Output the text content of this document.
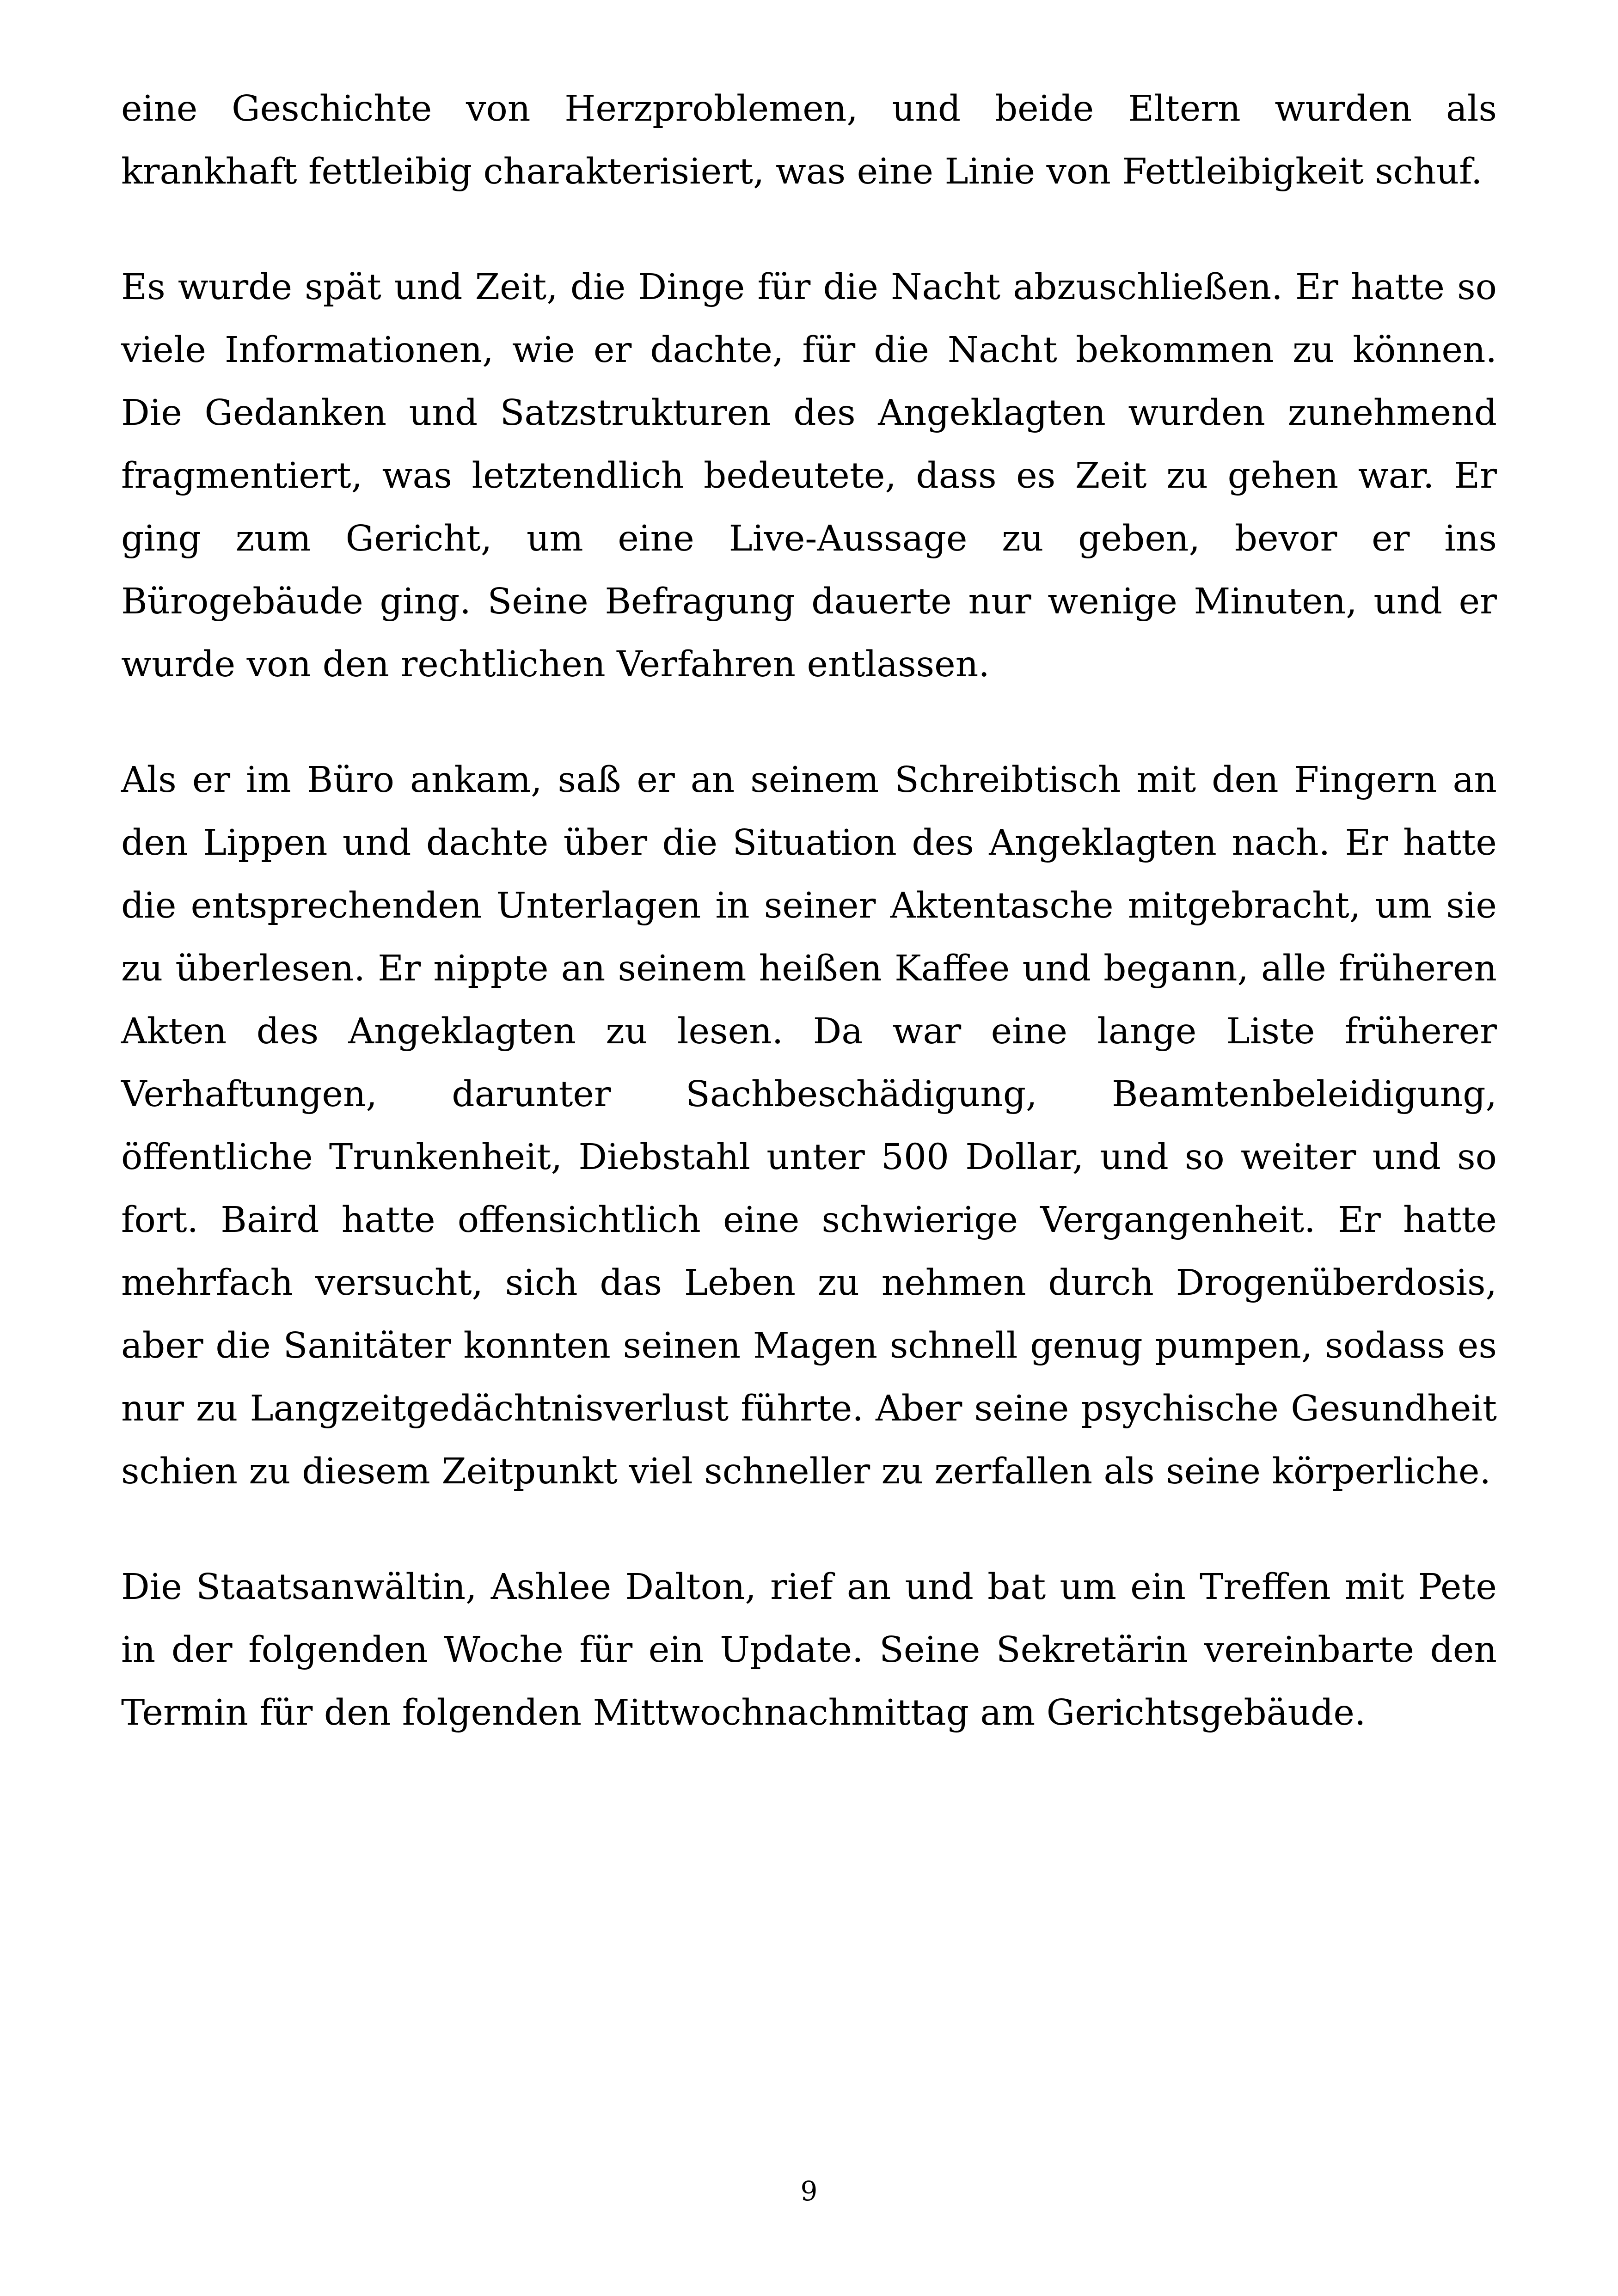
eine Geschichte von Herzproblemen, und beide Eltern wurden als krankhaft fettleibig charakterisiert, was eine Linie von Fettleibigkeit schuf.

Es wurde spät und Zeit, die Dinge für die Nacht abzuschließen. Er hatte so viele Informationen, wie er dachte, für die Nacht bekommen zu können. Die Gedanken und Satzstrukturen des Angeklagten wurden zunehmend fragmentiert, was letztendlich bedeutete, dass es Zeit zu gehen war. Er ging zum Gericht, um eine Live-Aussage zu geben, bevor er ins Bürogebäude ging. Seine Befragung dauerte nur wenige Minuten, und er wurde von den rechtlichen Verfahren entlassen.

Als er im Büro ankam, saß er an seinem Schreibtisch mit den Fingern an den Lippen und dachte über die Situation des Angeklagten nach. Er hatte die entsprechenden Unterlagen in seiner Aktentasche mitgebracht, um sie zu überlesen. Er nippte an seinem heißen Kaffee und begann, alle früheren Akten des Angeklagten zu lesen. Da war eine lange Liste früherer Verhaftungen, darunter Sachbeschädigung, Beamtenbeleidigung, öffentliche Trunkenheit, Diebstahl unter 500 Dollar, und so weiter und so fort. Baird hatte offensichtlich eine schwierige Vergangenheit. Er hatte mehrfach versucht, sich das Leben zu nehmen durch Drogenüberdosis, aber die Sanitäter konnten seinen Magen schnell genug pumpen, sodass es nur zu Langzeitgedächtnisverlust führte. Aber seine psychische Gesundheit schien zu diesem Zeitpunkt viel schneller zu zerfallen als seine körperliche.

Die Staatsanwältin, Ashlee Dalton, rief an und bat um ein Treffen mit Pete in der folgenden Woche für ein Update. Seine Sekretärin vereinbarte den Termin für den folgenden Mittwochnachmittag am Gerichtsgebäude.

9
